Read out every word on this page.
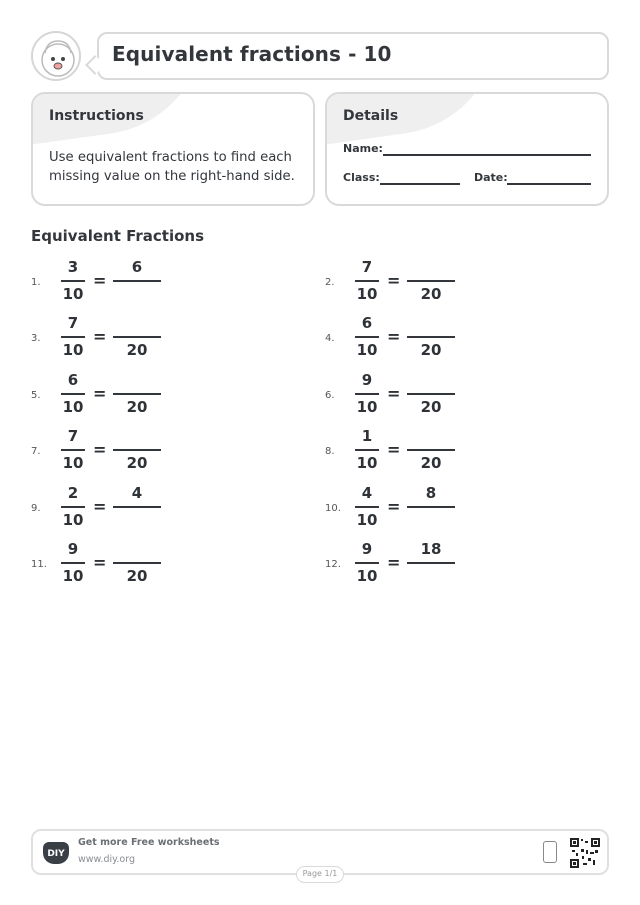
Equivalent fractions - 10
Instructions
Use equivalent fractions to find each missing value on the right-hand side.
Details
Name:
Class:	Date:
Equivalent Fractions
1.
3
10
=
6
2.
7
10
=
20
3.
7
10
=
20
4.
6
10
=
20
5.
6
10
=
20
6.
9
10
=
20
7.
7
10
=
20
8.
1
10
=
20
9.
2
10
=
4
10.
4
10
=
8
11.
9
10
=
20
12.
9
10
=
18
DIY
Get more Free worksheets
www.diy.org
Page 1/1
